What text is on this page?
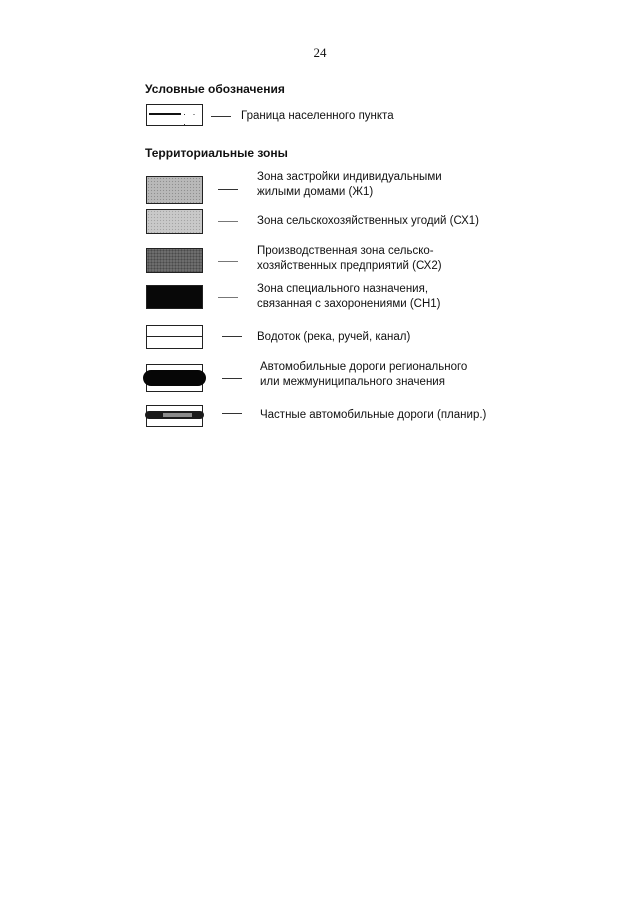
24
Условные обозначения
· · ·
Граница населенного пункта
Территориальные зоны
Зона застройки индивидуальными
жилыми домами (Ж1)
Зона сельскохозяйственных угодий (СХ1)
Производственная зона сельско-
хозяйственных предприятий (СХ2)
Зона специального назначения,
связанная с захоронениями (СН1)
Водоток (река, ручей, канал)
Автомобильные дороги регионального
или межмуниципального значения
Частные автомобильные дороги (планир.)
